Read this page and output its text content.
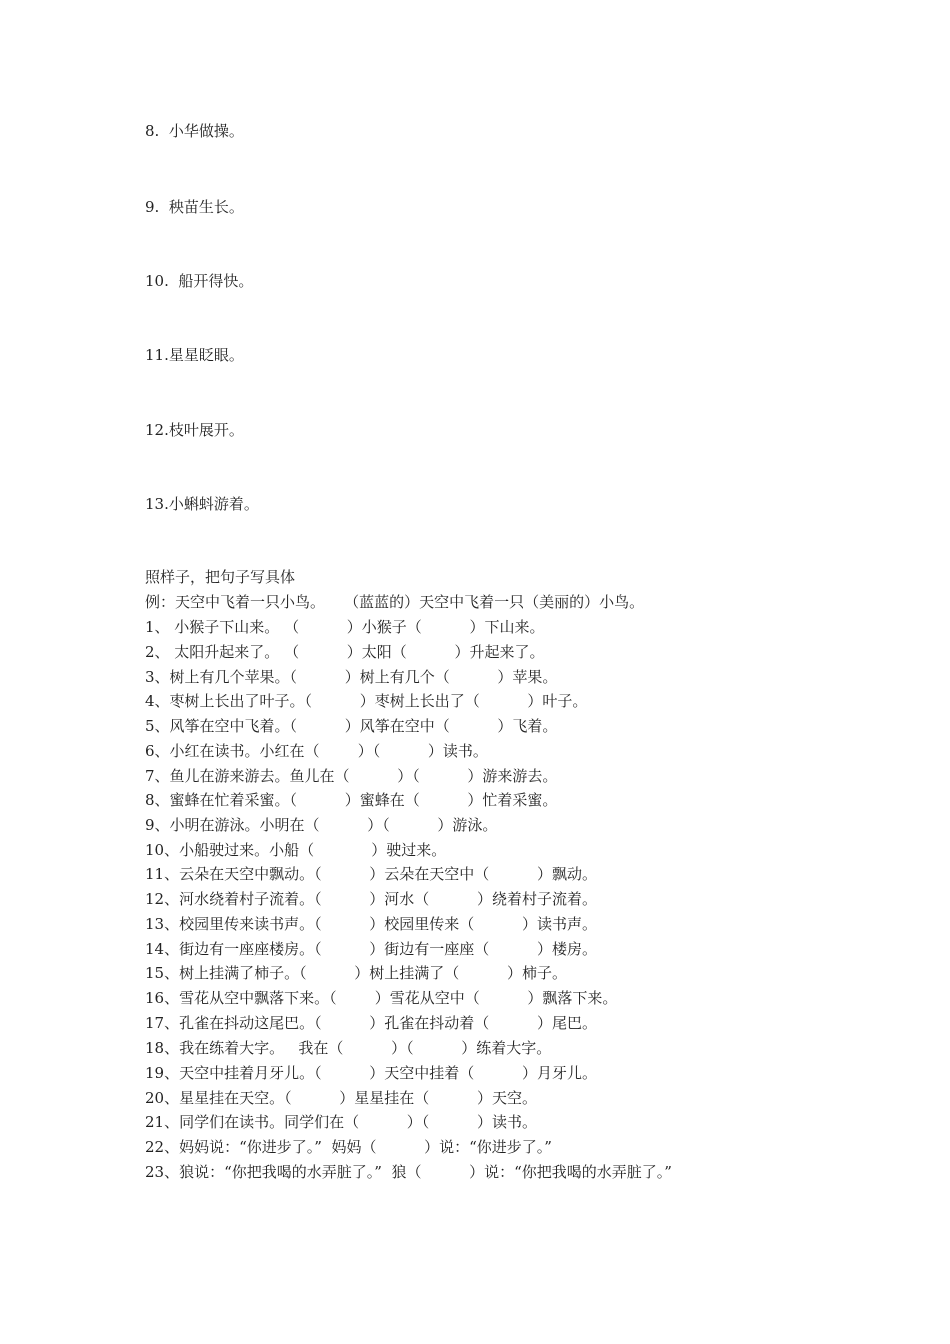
8. 小华做操。

9. 秧苗生长。

10. 船开得快。

11.星星眨眼。

12.枝叶展开。

13.小蝌蚪游着。

照样子，把句子写具体

例：天空中飞着一只小鸟。    （蓝蓝的）天空中飞着一只（美丽的）小鸟。

1、 小猴子下山来。 （          ）小猴子（          ）下山来。

2、 太阳升起来了。 （          ）太阳（          ）升起来了。

3、树上有几个苹果。（          ）树上有几个（          ）苹果。

4、枣树上长出了叶子。（          ）枣树上长出了（          ）叶子。

5、风筝在空中飞着。（          ）风筝在空中（          ）飞着。

6、小红在读书。小红在（        ）（          ）读书。

7、鱼儿在游来游去。鱼儿在（          ）（          ）游来游去。

8、蜜蜂在忙着采蜜。（          ）蜜蜂在（          ）忙着采蜜。

9、小明在游泳。小明在（          ）（          ）游泳。

10、小船驶过来。小船（            ）驶过来。

11、云朵在天空中飘动。（          ）云朵在天空中（          ）飘动。

12、河水绕着村子流着。（          ）河水（          ）绕着村子流着。

13、校园里传来读书声。（          ）校园里传来（          ）读书声。

14、街边有一座座楼房。（          ）街边有一座座（          ）楼房。

15、树上挂满了柿子。（          ）树上挂满了（          ）柿子。

16、雪花从空中飘落下来。（        ）雪花从空中（          ）飘落下来。

17、孔雀在抖动这尾巴。（          ）孔雀在抖动着（          ）尾巴。

18、我在练着大字。   我在（          ）（          ）练着大字。

19、天空中挂着月牙儿。（          ）天空中挂着（          ）月牙儿。

20、星星挂在天空。（          ）星星挂在（          ）天空。

21、同学们在读书。同学们在（          ）（          ）读书。

22、妈妈说：“你进步了。”  妈妈（          ）说：“你进步了。”

23、狼说：“你把我喝的水弄脏了。”  狼（          ）说：“你把我喝的水弄脏了。”
